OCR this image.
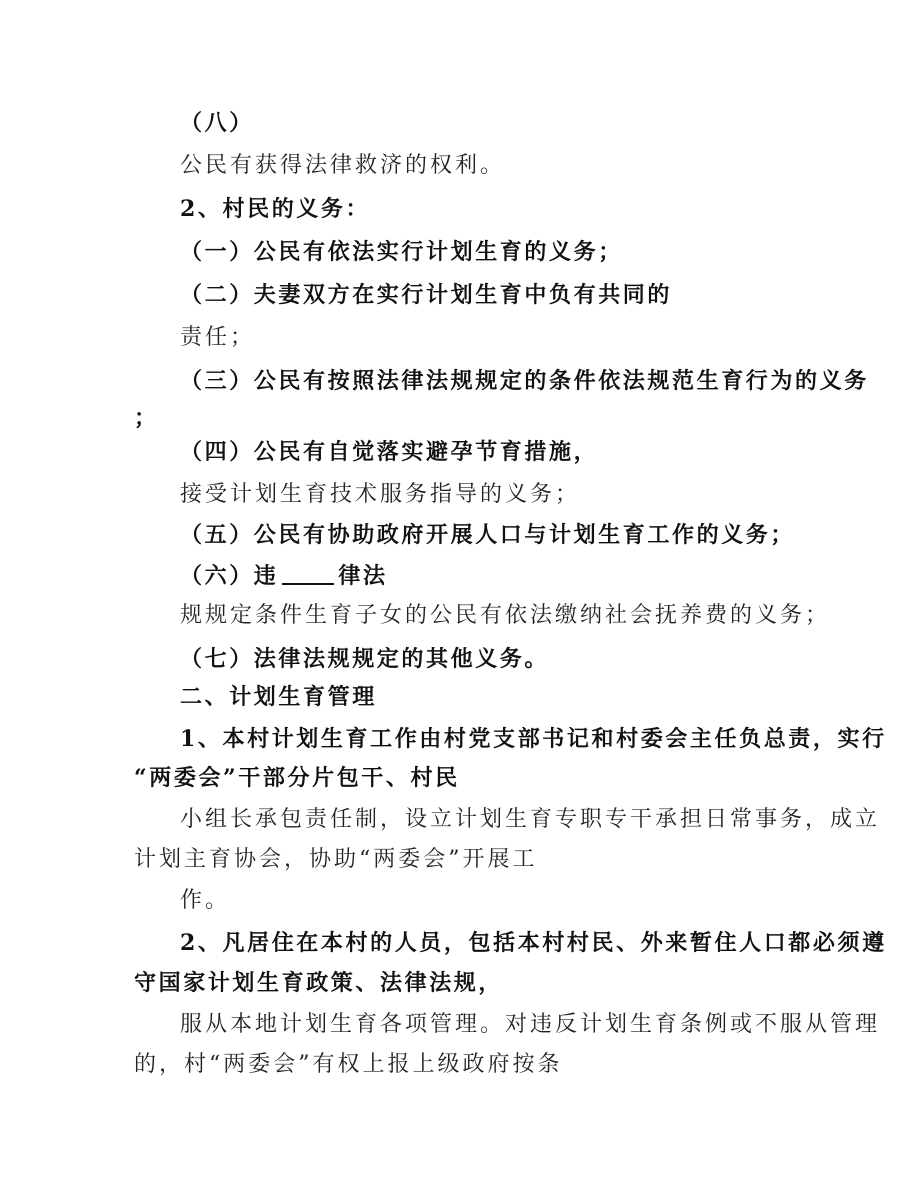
（八）
公民有获得法律救济的权利。
2、村民的义务：
（一）公民有依法实行计划生育的义务；
（二）夫妻双方在实行计划生育中负有共同的
责任；
（三）公民有按照法律法规规定的条件依法规范生育行为的义务
；
（四）公民有自觉落实避孕节育措施，
接受计划生育技术服务指导的义务；
（五）公民有协助政府开展人口与计划生育工作的义务；
（六）违	律法
规规定条件生育子女的公民有依法缴纳社会抚养费的义务；
（七）法律法规规定的其他义务。
二、计划生育管理
1、本村计划生育工作由村党支部书记和村委会主任负总责，实行
“两委会”干部分片包干、村民
小组长承包责任制，设立计划生育专职专干承担日常事务，成立
计划主育协会，协助“两委会”开展工
作。
2、凡居住在本村的人员，包括本村村民、外来暂住人口都必须遵
守国家计划生育政策、法律法规，
服从本地计划生育各项管理。对违反计划生育条例或不服从管理
的，村“两委会”有权上报上级政府按条
